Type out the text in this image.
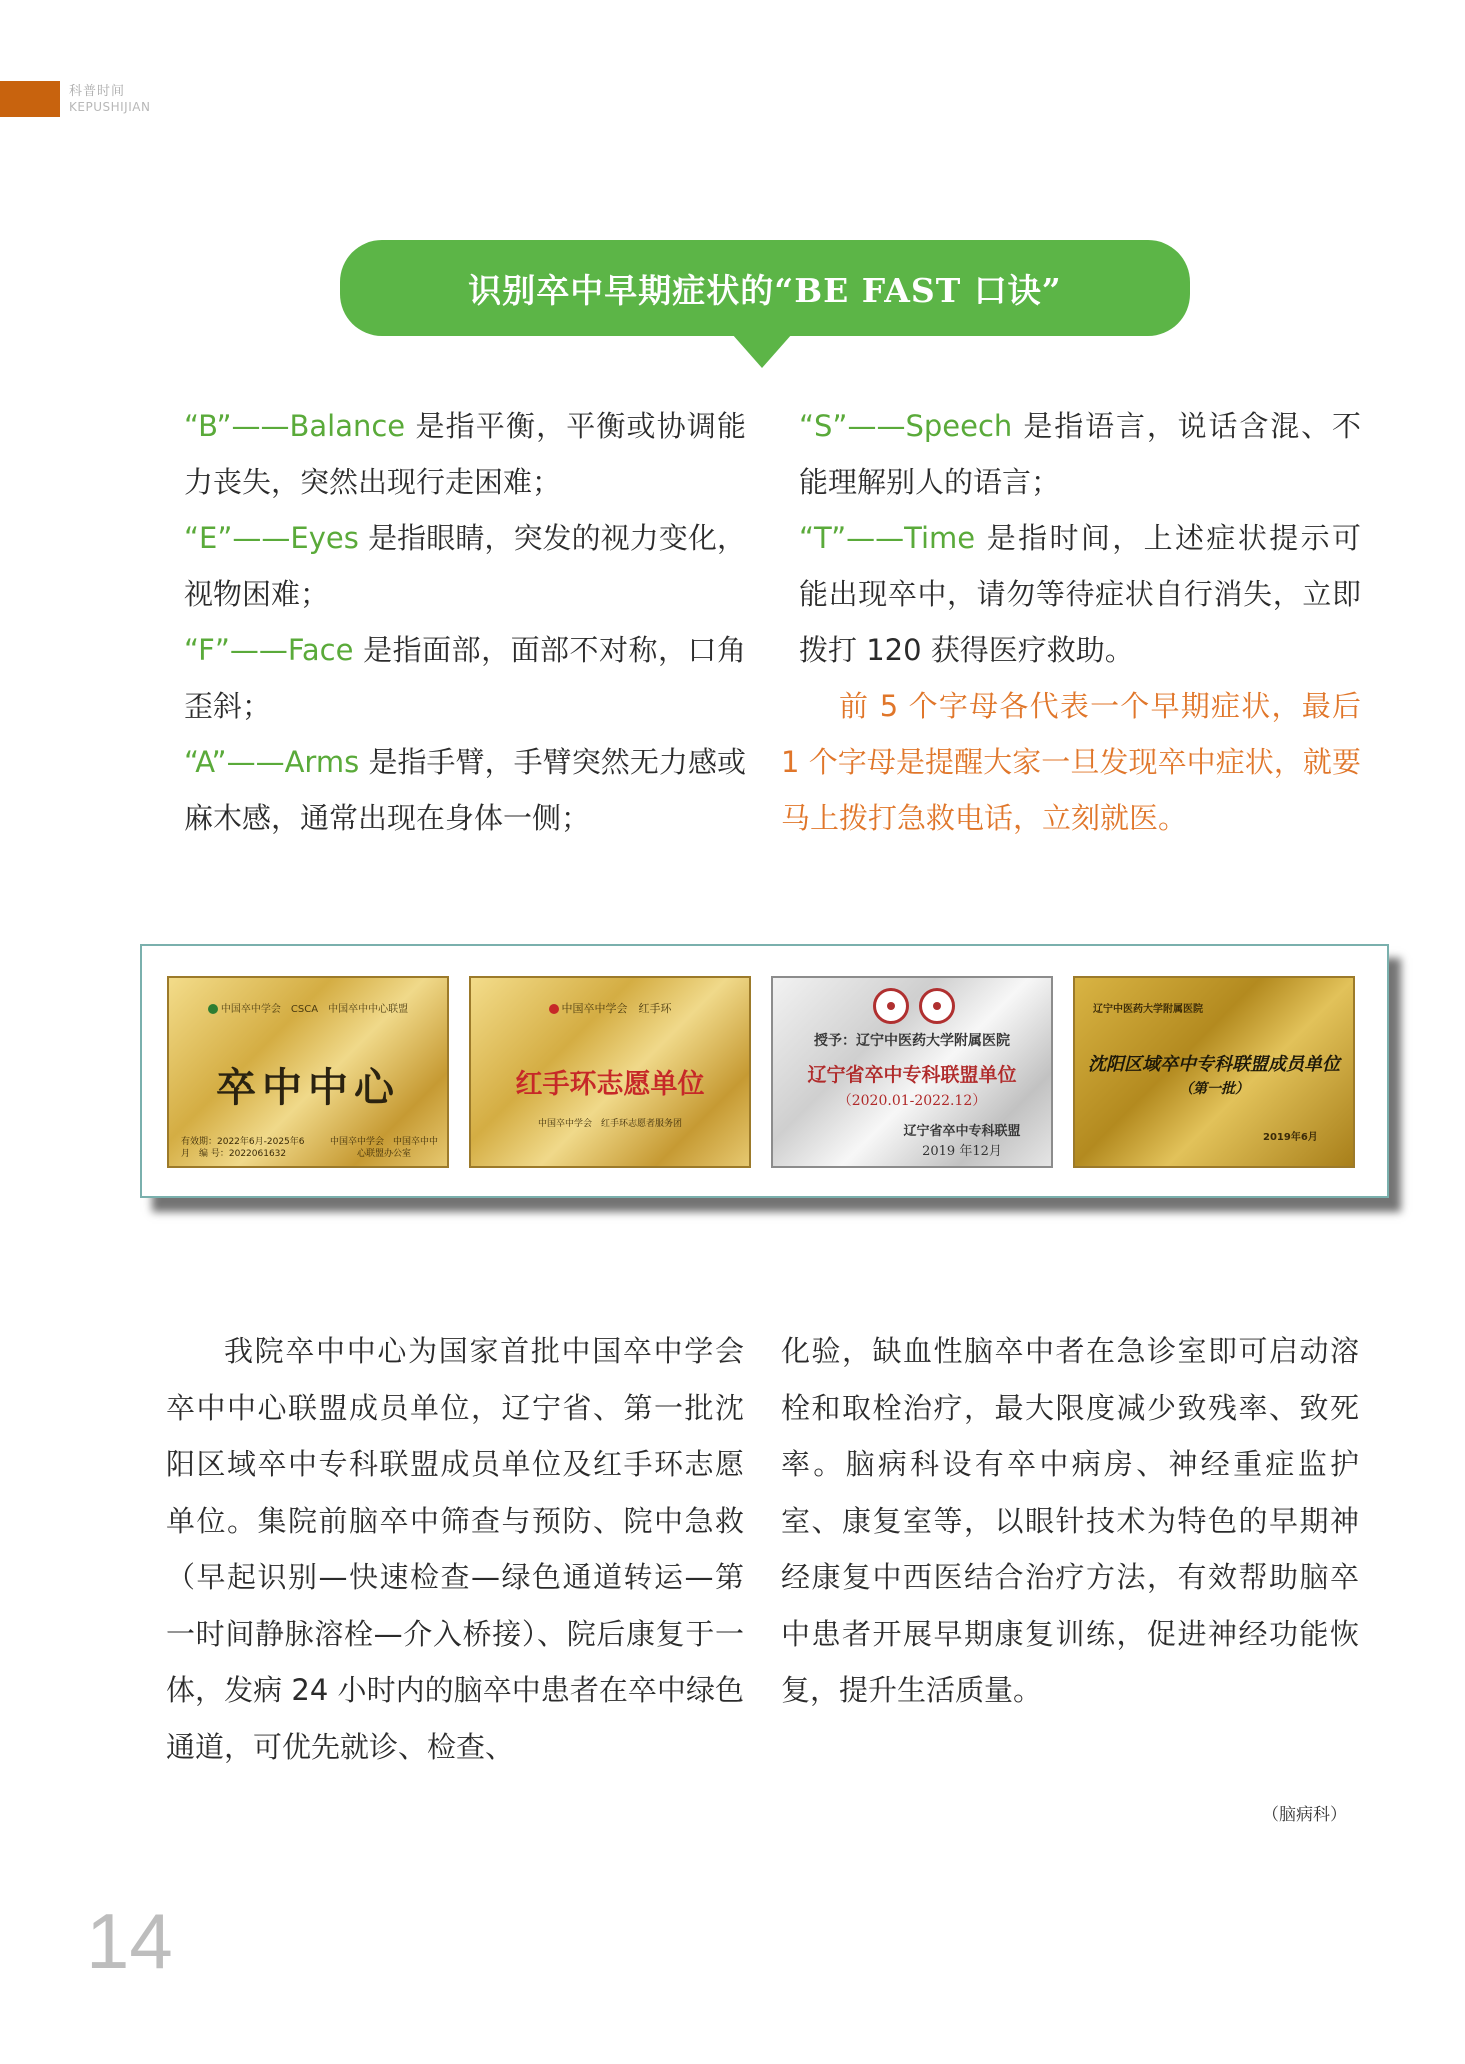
科普时间
KEPUSHIJIAN
识别卒中早期症状的“BE FAST 口诀”

“B”——Balance 是指平衡，平衡或协调能力丧失，突然出现行走困难；

“E”——Eyes 是指眼睛，突发的视力变化，视物困难；

“F”——Face 是指面部，面部不对称，口角歪斜；

“A”——Arms 是指手臂，手臂突然无力感或麻木感，通常出现在身体一侧；

“S”——Speech 是指语言，说话含混、不能理解别人的语言；

“T”——Time 是指时间，上述症状提示可能出现卒中，请勿等待症状自行消失，立即拨打 120 获得医疗救助。

前 5 个字母各代表一个早期症状，最后 1 个字母是提醒大家一旦发现卒中症状，就要马上拨打急救电话，立刻就医。

中国卒中学会　CSCA　中国卒中中心联盟
卒中中心
有效期：2022年6月-2025年6月　编 号：2022061632
中国卒中学会　中国卒中中心联盟办公室
中国卒中学会　红手环
红手环志愿单位
中国卒中学会　红手环志愿者服务团
授予：辽宁中医药大学附属医院
辽宁省卒中专科联盟单位
（2020.01-2022.12）
辽宁省卒中专科联盟
2019 年12月
辽宁中医药大学附属医院
沈阳区域卒中专科联盟成员单位
（第一批）
2019年6月

我院卒中中心为国家首批中国卒中学会卒中中心联盟成员单位，辽宁省、第一批沈阳区域卒中专科联盟成员单位及红手环志愿单位。集院前脑卒中筛查与预防、院中急救（早起识别—快速检查—绿色通道转运—第一时间静脉溶栓—介入桥接）、院后康复于一体，发病 24 小时内的脑卒中患者在卒中绿色通道，可优先就诊、检查、

化验，缺血性脑卒中者在急诊室即可启动溶栓和取栓治疗，最大限度减少致残率、致死率。脑病科设有卒中病房、神经重症监护室、康复室等，以眼针技术为特色的早期神经康复中西医结合治疗方法，有效帮助脑卒中患者开展早期康复训练，促进神经功能恢复，提升生活质量。

（脑病科）
14
